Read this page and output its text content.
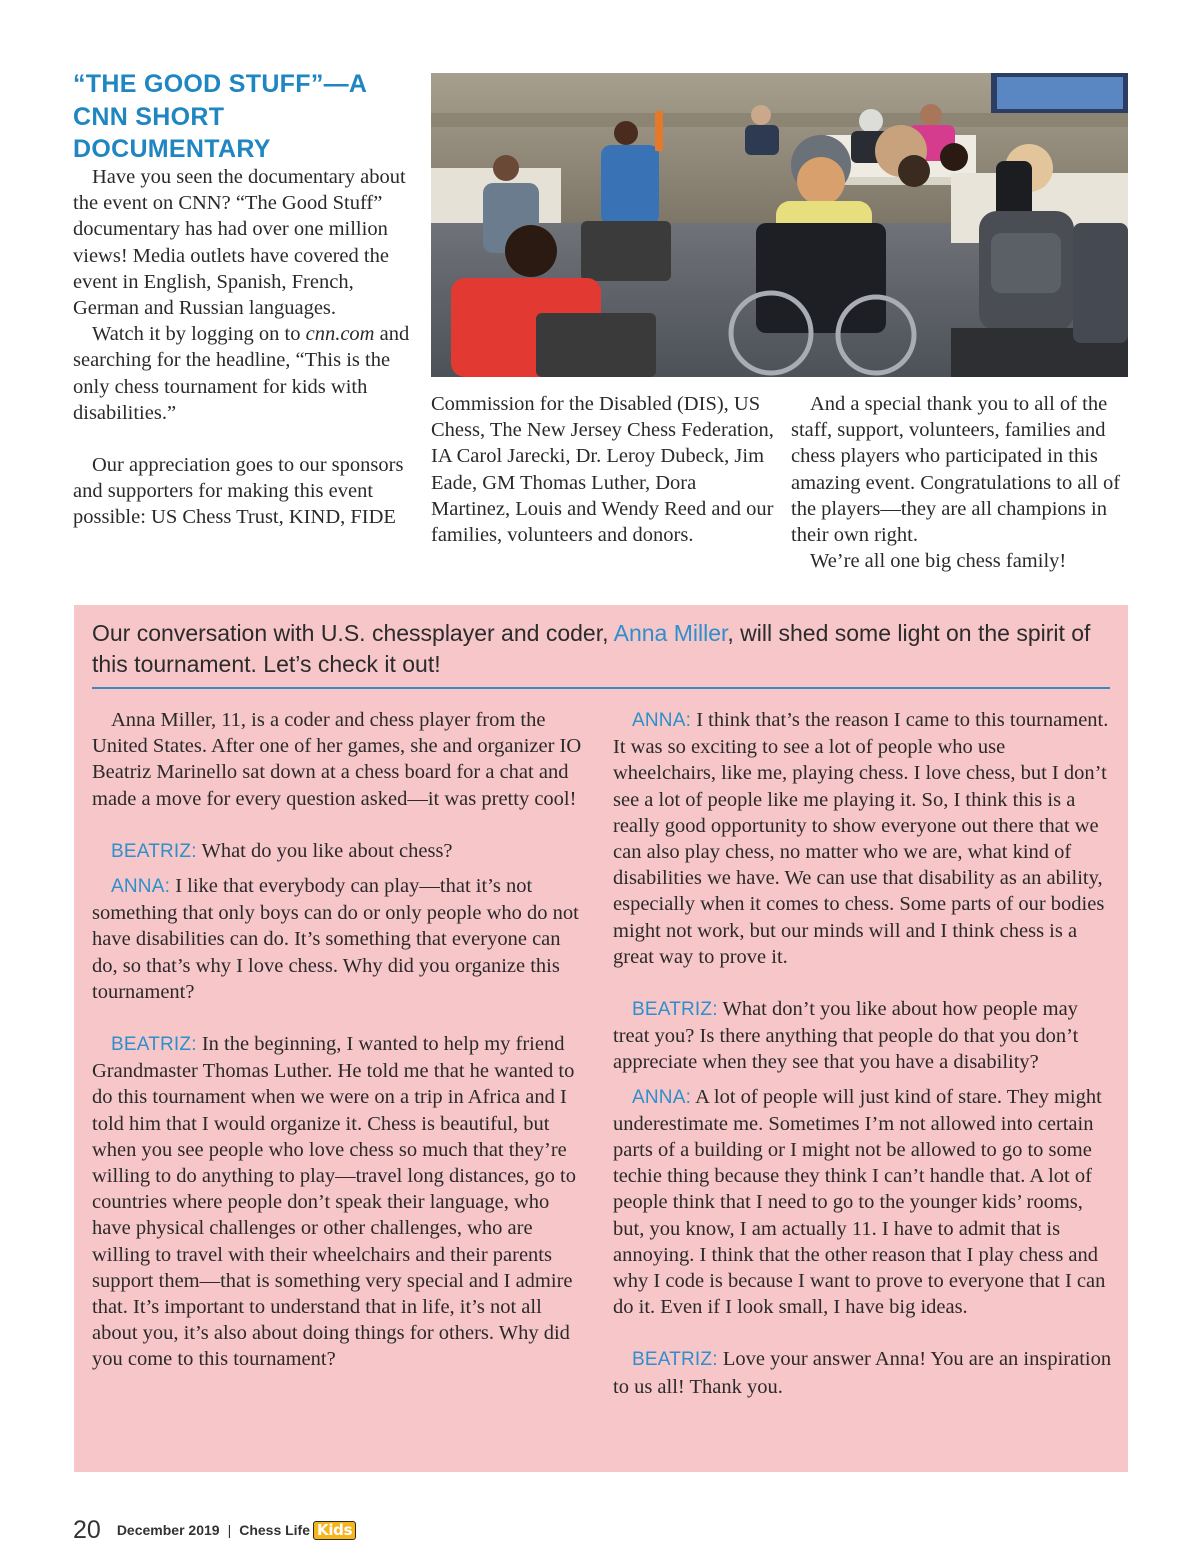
“THE GOOD STUFF”—A CNN SHORT DOCUMENTARY

Have you seen the documentary about the event on CNN? “The Good Stuff” documentary has had over one million views! Media outlets have covered the event in English, Spanish, French, German and Russian languages.

Watch it by logging on to cnn.com and searching for the headline, “This is the only chess tournament for kids with disabilities.”

Our appreciation goes to our sponsors and supporters for making this event possible: US Chess Trust, KIND, FIDE

Commission for the Disabled (DIS), US Chess, The New Jersey Chess Federation, IA Carol Jarecki, Dr. Leroy Dubeck, Jim Eade, GM Thomas Luther, Dora Martinez, Louis and Wendy Reed and our families, volunteers and donors.

And a special thank you to all of the staff, support, volunteers, families and chess players who participated in this amazing event. Congratulations to all of the players—they are all champions in their own right.

We’re all one big chess family!

Our conversation with U.S. chessplayer and coder, Anna Miller, will shed some light on the spirit of this tournament. Let’s check it out!

Anna Miller, 11, is a coder and chess player from the United States. After one of her games, she and organizer IO Beatriz Marinello sat down at a chess board for a chat and made a move for every question asked—it was pretty cool!

BEATRIZ: What do you like about chess?

ANNA: I like that everybody can play—that it’s not something that only boys can do or only people who do not have disabilities can do. It’s something that everyone can do, so that’s why I love chess. Why did you organize this tournament?

BEATRIZ: In the beginning, I wanted to help my friend Grandmaster Thomas Luther. He told me that he wanted to do this tournament when we were on a trip in Africa and I told him that I would organize it. Chess is beautiful, but when you see people who love chess so much that they’re willing to do anything to play—travel long distances, go to countries where people don’t speak their language, who have physical challenges or other challenges, who are willing to travel with their wheelchairs and their parents support them—that is something very special and I admire that. It’s important to understand that in life, it’s not all about you, it’s also about doing things for others. Why did you come to this tournament?

ANNA: I think that’s the reason I came to this tournament. It was so exciting to see a lot of people who use wheelchairs, like me, playing chess. I love chess, but I don’t see a lot of people like me playing it. So, I think this is a really good opportunity to show everyone out there that we can also play chess, no matter who we are, what kind of disabilities we have. We can use that disability as an ability, especially when it comes to chess. Some parts of our bodies might not work, but our minds will and I think chess is a great way to prove it.

BEATRIZ: What don’t you like about how people may treat you? Is there anything that people do that you don’t appreciate when they see that you have a disability?

ANNA: A lot of people will just kind of stare. They might underestimate me. Sometimes I’m not allowed into certain parts of a building or I might not be allowed to go to some techie thing because they think I can’t handle that. A lot of people think that I need to go to the younger kids’ rooms, but, you know, I am actually 11. I have to admit that is annoying. I think that the other reason that I play chess and why I code is because I want to prove to everyone that I can do it. Even if I look small, I have big ideas.

BEATRIZ: Love your answer Anna! You are an inspiration to us all! Thank you.

20 December 2019 | Chess Life Kids
